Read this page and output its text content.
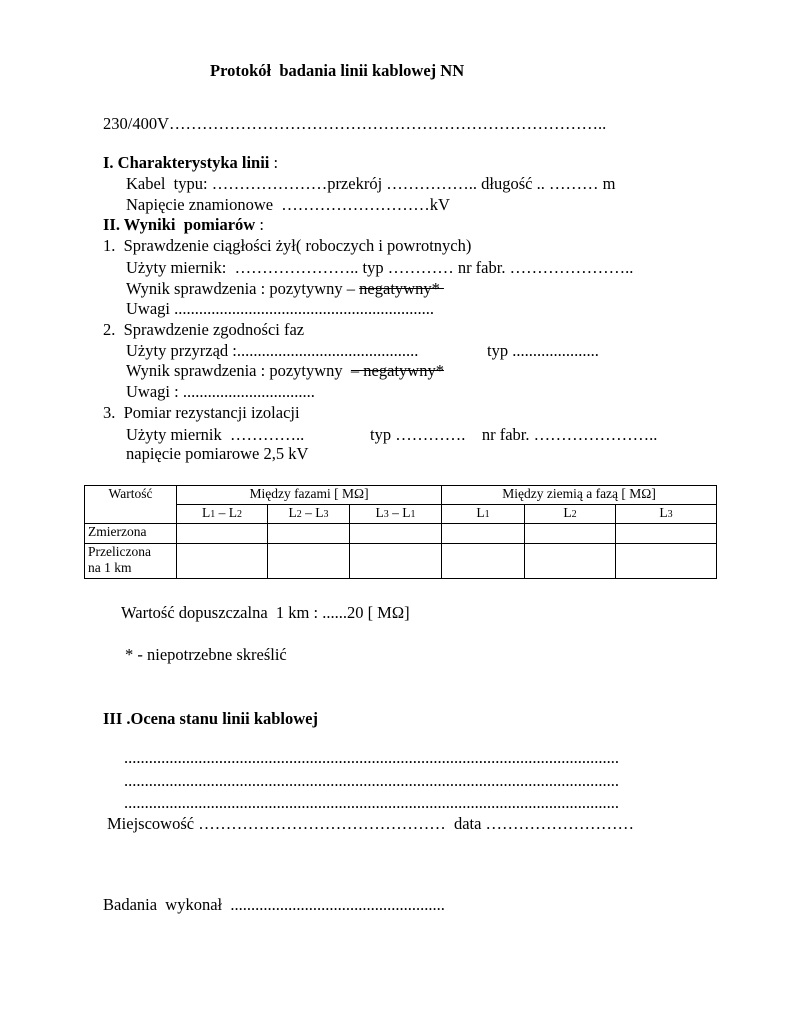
Protokół  badania linii kablowej NN
230/400V……………………………………………………………………..
I. Charakterystyka linii :
Kabel  typu: …………………przekrój …………….. długość .. ……… m
Napięcie znamionowe  ………………………kV
II. Wyniki  pomiarów :
1.  Sprawdzenie ciągłości żył( roboczych i powrotnych)
Użyty miernik:  ………………….. typ ………… nr fabr. …………………..
Wynik sprawdzenia : pozytywny – negatywny*
Uwagi ...............................................................
2.  Sprawdzenie zgodności faz
Użyty przyrząd :............................................	typ .....................
Wynik sprawdzenia : pozytywny  – negatywny*
Uwagi : ................................
3.  Pomiar rezystancji izolacji
Użyty miernik  …………..	typ ………….    nr fabr. …………………..
napięcie pomiarowe 2,5 kV
Wartość	Między fazami [ MΩ]			Między ziemią a fazą [ MΩ]		
	L1 – L2	L2 – L3	L3 – L1	L1	L2	L3
Zmierzona						
Przeliczona
na 1 km						
Wartość dopuszczalna  1 km : ......20 [ MΩ]
* - niepotrzebne skreślić
III .Ocena stanu linii kablowej
........................................................................................................................
........................................................................................................................
........................................................................................................................
Miejscowość ………………………………………  data ………………………
Badania  wykonał  ....................................................
